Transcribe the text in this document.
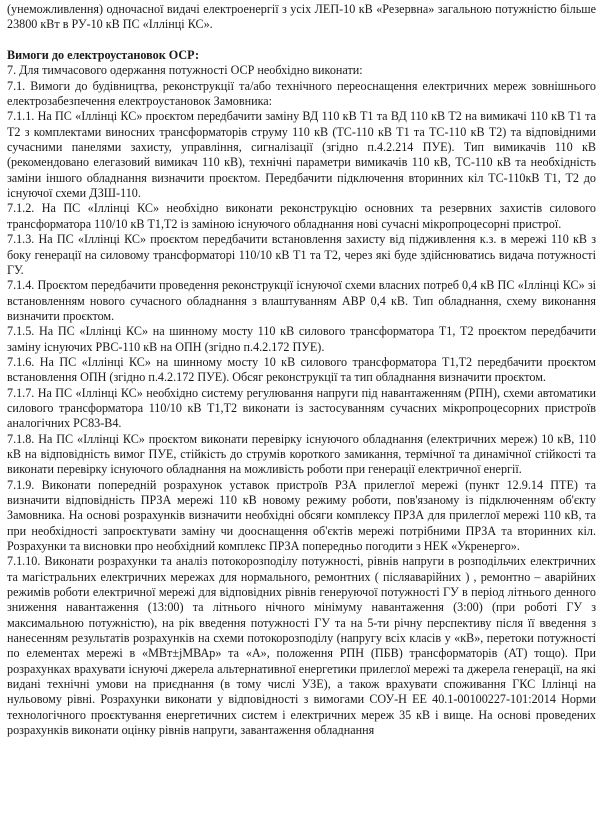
(унеможливлення) одночасної видачі електроенергії з усіх ЛЕП-10 кВ «Резервна» загальною потужністю більше 23800 кВт в РУ-10 кВ ПС «Іллінці КС».

Вимоги до електроустановок ОСР:

7. Для тимчасового одержання потужності ОСР необхідно виконати:

7.1. Вимоги до будівництва, реконструкції та/або технічного переоснащення електричних мереж зовнішнього електрозабезпечення електроустановок Замовника:

7.1.1. На ПС «Іллінці КС» проєктом передбачити заміну ВД 110 кВ Т1 та ВД 110 кВ Т2 на вимикачі 110 кВ Т1 та Т2 з комплектами виносних трансформаторів струму 110 кВ (ТС-110 кВ Т1 та ТС-110 кВ Т2) та відповідними сучасними панелями захисту, управління, сигналізації (згідно п.4.2.214 ПУЕ). Тип вимикачів 110 кВ (рекомендовано елегазовий вимикач 110 кВ), технічні параметри вимикачів 110 кВ, ТС-110 кВ та необхідність заміни іншого обладнання визначити проєктом. Передбачити підключення вторинних кіл ТС-110кВ Т1, Т2 до існуючої схеми ДЗШ-110.

7.1.2. На ПС «Іллінці КС» необхідно виконати реконструкцію основних та резервних захистів силового трансформатора 110/10 кВ Т1,Т2 із заміною існуючого обладнання нові сучасні мікропроцесорні пристрої.

7.1.3. На ПС «Іллінці КС» проєктом передбачити встановлення захисту від підживлення к.з. в мережі 110 кВ з боку генерації на силовому трансформаторі 110/10 кВ Т1 та Т2, через які буде здійснюватись видача потужності ГУ.

7.1.4. Проєктом передбачити проведення реконструкції існуючої схеми власних потреб 0,4 кВ ПС «Іллінці КС» зі встановленням нового сучасного обладнання з влаштуванням АВР 0,4 кВ. Тип обладнання, схему виконання визначити проєктом.

7.1.5. На ПС «Іллінці КС» на шинному мосту 110 кВ силового трансформатора Т1, Т2 проєктом передбачити заміну існуючих РВС-110 кВ на ОПН (згідно п.4.2.172 ПУЕ).

7.1.6. На ПС «Іллінці КС» на шинному мосту 10 кВ силового трансформатора Т1,Т2 передбачити проєктом встановлення ОПН (згідно п.4.2.172 ПУЕ). Обсяг реконструкції та тип обладнання визначити проєктом.

7.1.7. На ПС «Іллінці КС» необхідно систему регулювання напруги під навантаженням (РПН), схеми автоматики силового трансформатора 110/10 кВ Т1,Т2 виконати із застосуванням сучасних мікропроцесорних пристроїв аналогічних РС83-В4.

7.1.8. На ПС «Іллінці КС» проєктом виконати перевірку існуючого обладнання (електричних мереж) 10 кВ, 110 кВ на відповідність вимог ПУЕ, стійкість до струмів короткого замикання, термічної та динамічної стійкості та виконати перевірку існуючого обладнання на можливість роботи при генерації електричної енергії.

7.1.9. Виконати попередній розрахунок уставок пристроїв РЗА прилеглої мережі (пункт 12.9.14 ПТЕ) та визначити відповідність ПРЗА мережі 110 кВ новому режиму роботи, пов'язаному із підключенням об'єкту Замовника. На основі розрахунків визначити необхідні обсяги комплексу ПРЗА для прилеглої мережі 110 кВ, та при необхідності запроєктувати заміну чи дооснащення об'єктів мережі потрібними ПРЗА та вторинних кіл. Розрахунки та висновки про необхідний комплекс ПРЗА попередньо погодити з НЕК «Укренерго».

7.1.10. Виконати розрахунки та аналіз потокорозподілу потужності, рівнів напруги в розподільчих електричних та магістральних електричних мережах для нормального, ремонтних ( післяаварійних ) , ремонтно – аварійних режимів роботи електричної мережі для відповідних рівнів генеруючої потужності ГУ в період літнього денного зниження навантаження (13:00) та літнього нічного мінімуму навантаження (3:00) (при роботі ГУ з максимальною потужністю), на рік введення потужності ГУ та на 5-ти річну перспективу після її введення з нанесенням результатів розрахунків на схеми потокорозподілу (напругу всіх класів у «кВ», перетоки потужності по елементах мережі в «МВт±jМВАр» та «А», положення РПН (ПБВ) трансформаторів (АТ) тощо). При розрахунках врахувати існуючі джерела альтернативної енергетики прилеглої мережі та джерела генерації, на які видані технічні умови на приєднання (в тому числі УЗЕ), а також врахувати споживання ГКС Іллінці на нульовому рівні. Розрахунки виконати у відповідності з вимогами СОУ-Н ЕЕ 40.1-00100227-101:2014 Норми технологічного проєктування енергетичних систем і електричних мереж 35 кВ і вище. На основі проведених розрахунків виконати оцінку рівнів напруги, завантаження обладнання
